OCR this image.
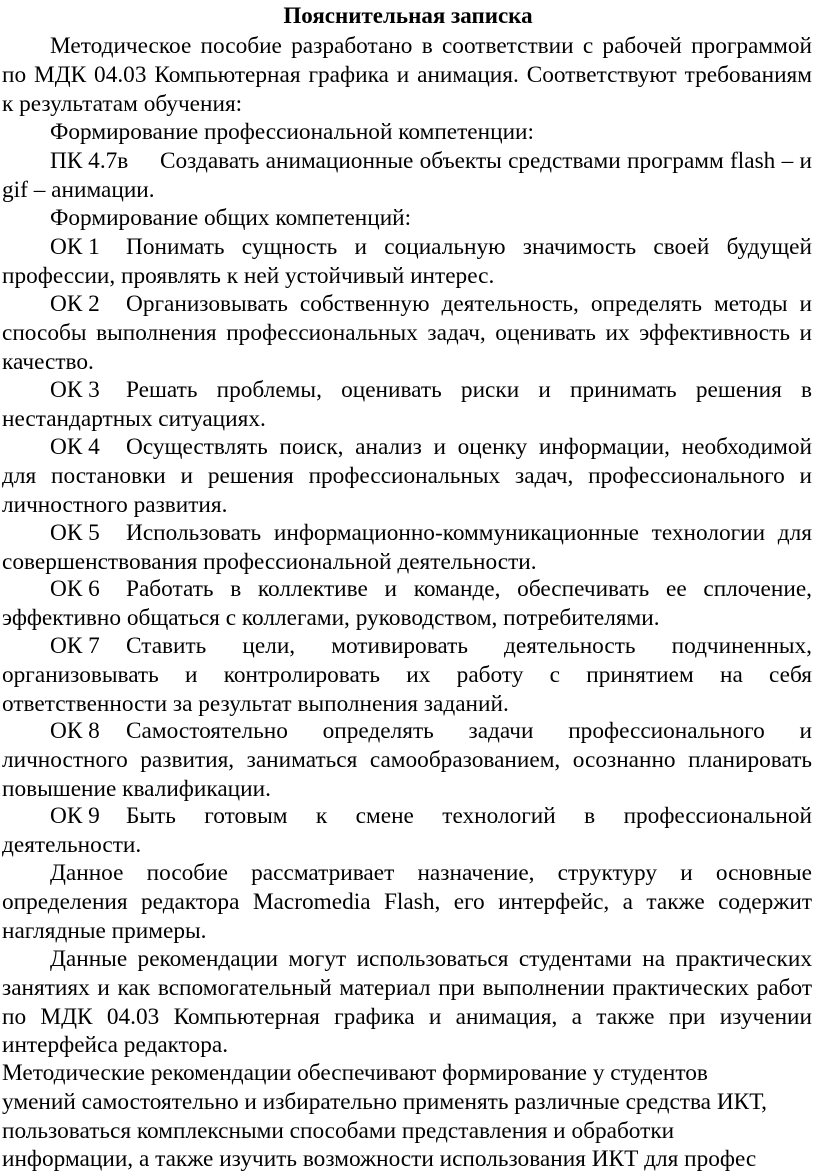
Пояснительная записка

Методическое пособие разработано в соответствии с рабочей программой по МДК 04.03 Компьютерная графика и анимация. Соответствуют требованиям к результатам обучения:

Формирование профессиональной компетенции:

ПК 4.7в Создавать анимационные объекты средствами программ flash – и gif – анимации.

Формирование общих компетенций:

ОК 1 Понимать сущность и социальную значимость своей будущей профессии, проявлять к ней устойчивый интерес.

ОК 2 Организовывать собственную деятельность, определять методы и способы выполнения профессиональных задач, оценивать их эффективность и качество.

ОК 3 Решать проблемы, оценивать риски и принимать решения в нестандартных ситуациях.

ОК 4 Осуществлять поиск, анализ и оценку информации, необходимой для постановки и решения профессиональных задач, профессионального и личностного развития.

ОК 5 Использовать информационно-коммуникационные технологии для совершенствования профессиональной деятельности.

ОК 6 Работать в коллективе и команде, обеспечивать ее сплочение, эффективно общаться с коллегами, руководством, потребителями.

ОК 7 Ставить цели, мотивировать деятельность подчиненных, организовывать и контролировать их работу с принятием на себя ответственности за результат выполнения заданий.

ОК 8 Самостоятельно определять задачи профессионального и личностного развития, заниматься самообразованием, осознанно планировать повышение квалификации.

ОК 9 Быть готовым к смене технологий в профессиональной деятельности.

Данное пособие рассматривает назначение, структуру и основные определения редактора Macromedia Flash, его интерфейс, а также содержит наглядные примеры.

Данные рекомендации могут использоваться студентами на практических занятиях и как вспомогательный материал при выполнении практических работ по МДК 04.03 Компьютерная графика и анимация, а также при изучении интерфейса редактора.

Методические рекомендации обеспечивают формирование у студентов умений самостоятельно и избирательно применять различные средства ИКТ, пользоваться комплексными способами представления и обработки информации, а также изучить возможности использования ИКТ для профес
